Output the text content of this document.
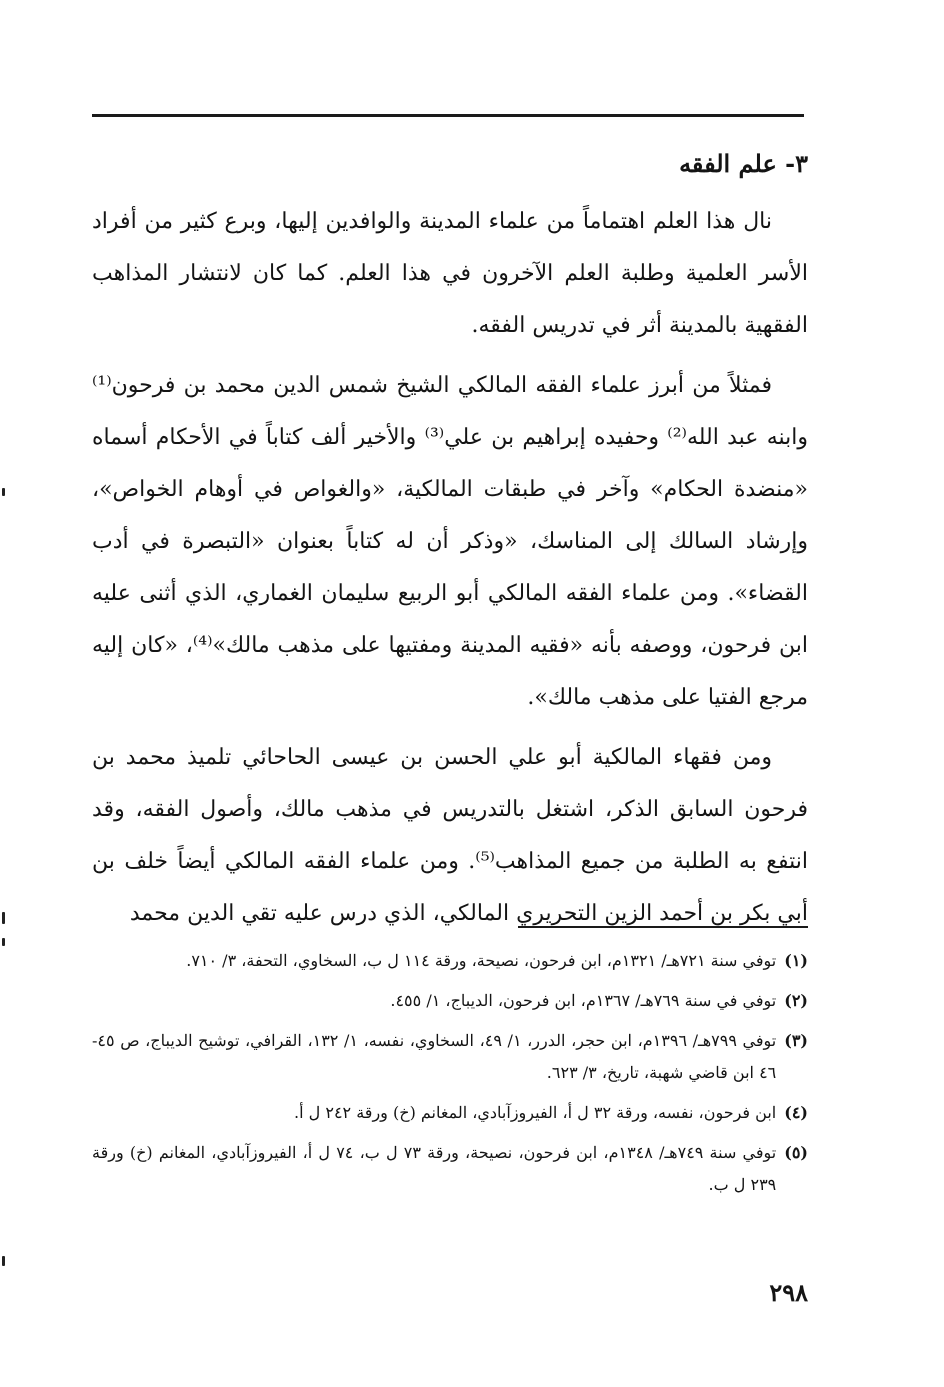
٣- علم الفقه

نال هذا العلم اهتماماً من علماء المدينة والوافدين إليها، وبرع كثير من أفراد الأسر العلمية وطلبة العلم الآخرون في هذا العلم. كما كان لانتشار المذاهب الفقهية بالمدينة أثر في تدريس الفقه.

فمثلاً من أبرز علماء الفقه المالكي الشيخ شمس الدين محمد بن فرحون⁽¹⁾ وابنه عبد الله⁽²⁾ وحفيده إبراهيم بن علي⁽³⁾ والأخير ألف كتاباً في الأحكام أسماه «منضدة الحكام» وآخر في طبقات المالكية، «والغواص في أوهام الخواص»، وإرشاد السالك إلى المناسك، «وذكر أن له كتاباً بعنوان «التبصرة في أدب القضاء». ومن علماء الفقه المالكي أبو الربيع سليمان الغماري، الذي أثنى عليه ابن فرحون، ووصفه بأنه «فقيه المدينة ومفتيها على مذهب مالك»⁽⁴⁾، «كان إليه مرجع الفتيا على مذهب مالك».

ومن فقهاء المالكية أبو علي الحسن بن عيسى الحاحائي تلميذ محمد بن فرحون السابق الذكر، اشتغل بالتدريس في مذهب مالك، وأصول الفقه، وقد انتفع به الطلبة من جميع المذاهب⁽⁵⁾. ومن علماء الفقه المالكي أيضاً خلف بن أبي بكر بن أحمد الزين التحريري المالكي، الذي درس عليه تقي الدين محمد

(١)
توفي سنة ٧٢١هـ/ ١٣٢١م، ابن فرحون، نصيحة، ورقة ١١٤ ل ب، السخاوي، التحفة، ٣/ ٧١٠.
(٢)
توفي في سنة ٧٦٩هـ/ ١٣٦٧م، ابن فرحون، الديباج، ١/ ٤٥٥.
(٣)
توفي ٧٩٩هـ/ ١٣٩٦م، ابن حجر، الدرر، ١/ ٤٩، السخاوي، نفسه، ١/ ١٣٢، القرافي، توشيح الديباج، ص ٤٥- ٤٦ ابن قاضي شهبة، تاريخ، ٣/ ٦٢٣.
(٤)
ابن فرحون، نفسه، ورقة ٣٢ ل أ، الفيروزآبادي، المغانم (خ) ورقة ٢٤٢ ل أ.
(٥)
توفي سنة ٧٤٩هـ/ ١٣٤٨م، ابن فرحون، نصيحة، ورقة ٧٣ ل ب، ٧٤ ل أ، الفيروزآبادي، المغانم (خ) ورقة ٢٣٩ ل ب.
٢٩٨
